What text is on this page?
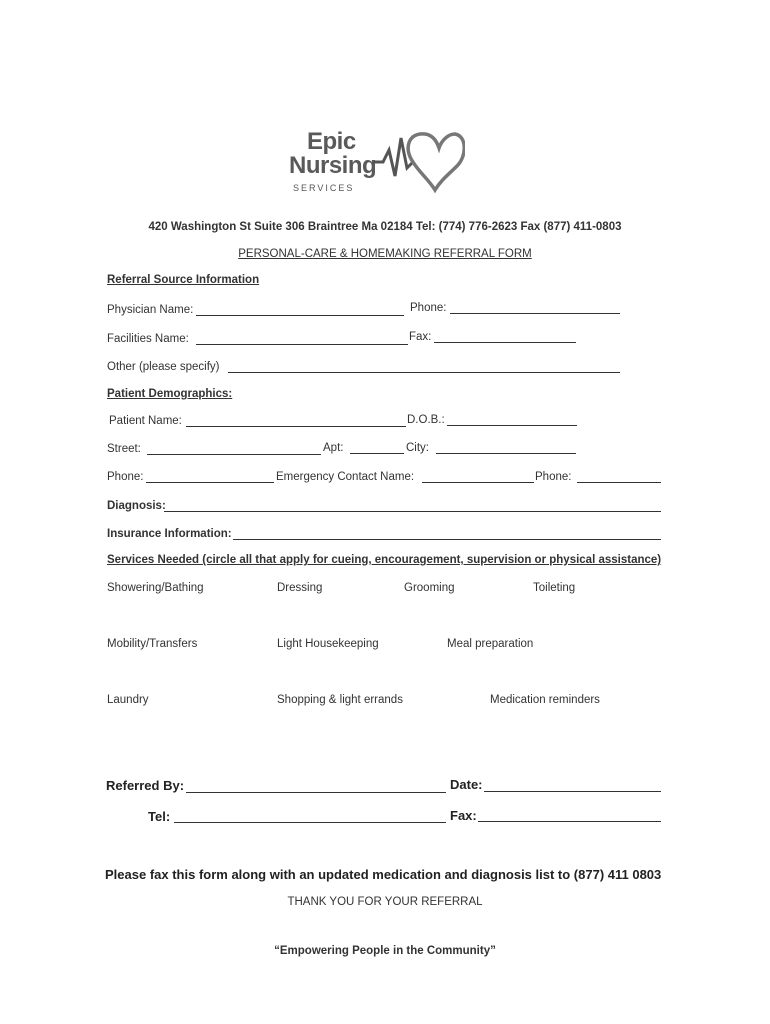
Epic
Nursing
SERVICES
420 Washington St Suite 306 Braintree Ma 02184 Tel: (774) 776-2623 Fax (877) 411-0803
PERSONAL-CARE & HOMEMAKING REFERRAL FORM
Referral Source Information
Physician Name:	Phone:
Facilities Name:	Fax:
Other (please specify)
Patient Demographics:
Patient Name:	D.O.B.:
Street:	Apt:	City:
Phone:	Emergency Contact Name:	Phone:
Diagnosis:
Insurance Information:
Services Needed (circle all that apply for cueing, encouragement, supervision or physical assistance)
Showering/Bathing	Dressing	Grooming	Toileting
Mobility/Transfers	Light Housekeeping	Meal preparation
Laundry	Shopping & light errands	Medication reminders
Referred By:	Date:
Tel:	Fax:
Please fax this form along with an updated medication and diagnosis list to (877) 411 0803
THANK YOU FOR YOUR REFERRAL
“Empowering People in the Community”
